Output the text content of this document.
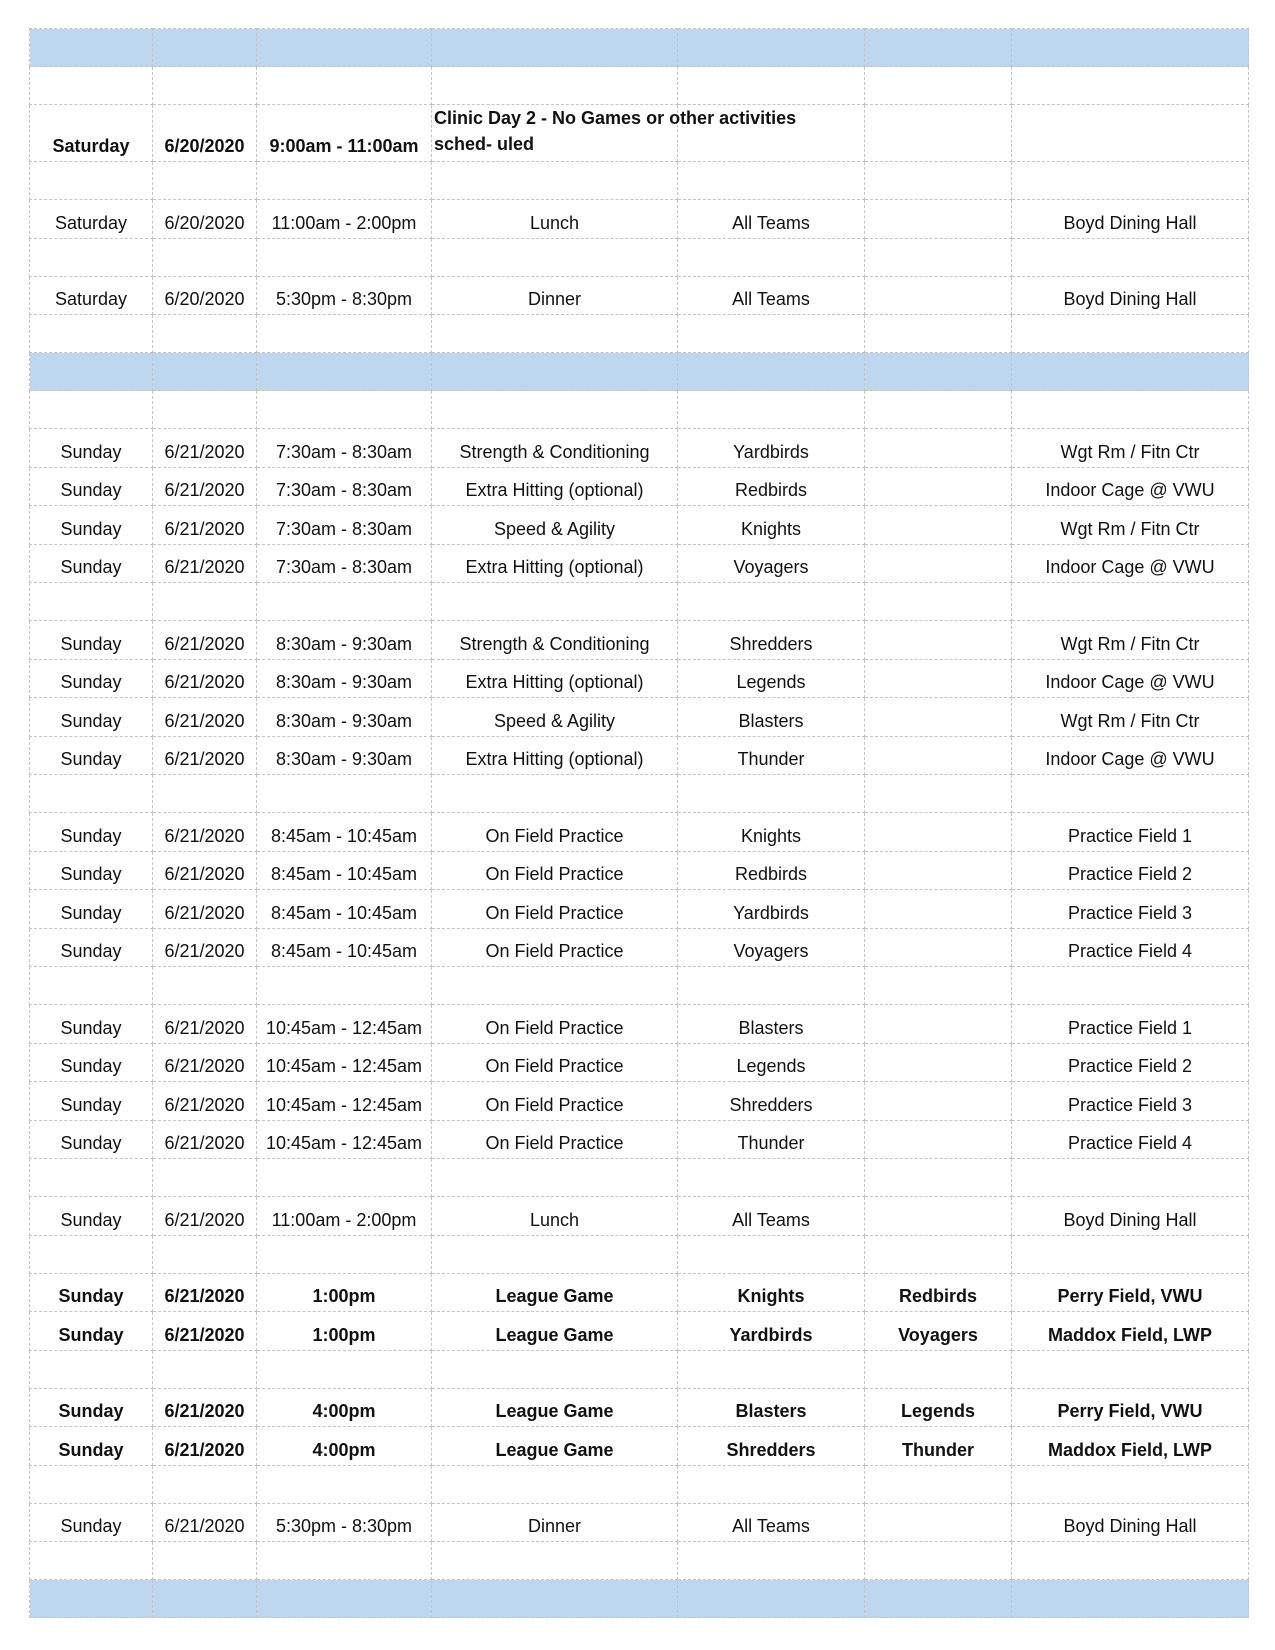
Saturday	6/20/2020	9:00am - 11:00am	Clinic Day 2 - No Games or other activities sched- uled			

Saturday	6/20/2020	11:00am - 2:00pm	Lunch	All Teams		Boyd Dining Hall

Saturday	6/20/2020	5:30pm - 8:30pm	Dinner	All Teams		Boyd Dining Hall

Sunday	6/21/2020	7:30am - 8:30am	Strength & Conditioning	Yardbirds		Wgt Rm / Fitn Ctr
Sunday	6/21/2020	7:30am - 8:30am	Extra Hitting (optional)	Redbirds		Indoor Cage @ VWU
Sunday	6/21/2020	7:30am - 8:30am	Speed & Agility	Knights		Wgt Rm / Fitn Ctr
Sunday	6/21/2020	7:30am - 8:30am	Extra Hitting (optional)	Voyagers		Indoor Cage @ VWU

Sunday	6/21/2020	8:30am - 9:30am	Strength & Conditioning	Shredders		Wgt Rm / Fitn Ctr
Sunday	6/21/2020	8:30am - 9:30am	Extra Hitting (optional)	Legends		Indoor Cage @ VWU
Sunday	6/21/2020	8:30am - 9:30am	Speed & Agility	Blasters		Wgt Rm / Fitn Ctr
Sunday	6/21/2020	8:30am - 9:30am	Extra Hitting (optional)	Thunder		Indoor Cage @ VWU

Sunday	6/21/2020	8:45am - 10:45am	On Field Practice	Knights		Practice Field 1
Sunday	6/21/2020	8:45am - 10:45am	On Field Practice	Redbirds		Practice Field 2
Sunday	6/21/2020	8:45am - 10:45am	On Field Practice	Yardbirds		Practice Field 3
Sunday	6/21/2020	8:45am - 10:45am	On Field Practice	Voyagers		Practice Field 4

Sunday	6/21/2020	10:45am - 12:45am	On Field Practice	Blasters		Practice Field 1
Sunday	6/21/2020	10:45am - 12:45am	On Field Practice	Legends		Practice Field 2
Sunday	6/21/2020	10:45am - 12:45am	On Field Practice	Shredders		Practice Field 3
Sunday	6/21/2020	10:45am - 12:45am	On Field Practice	Thunder		Practice Field 4

Sunday	6/21/2020	11:00am - 2:00pm	Lunch	All Teams		Boyd Dining Hall

Sunday	6/21/2020	1:00pm	League Game	Knights	Redbirds	Perry Field, VWU
Sunday	6/21/2020	1:00pm	League Game	Yardbirds	Voyagers	Maddox Field, LWP

Sunday	6/21/2020	4:00pm	League Game	Blasters	Legends	Perry Field, VWU
Sunday	6/21/2020	4:00pm	League Game	Shredders	Thunder	Maddox Field, LWP

Sunday	6/21/2020	5:30pm - 8:30pm	Dinner	All Teams		Boyd Dining Hall
